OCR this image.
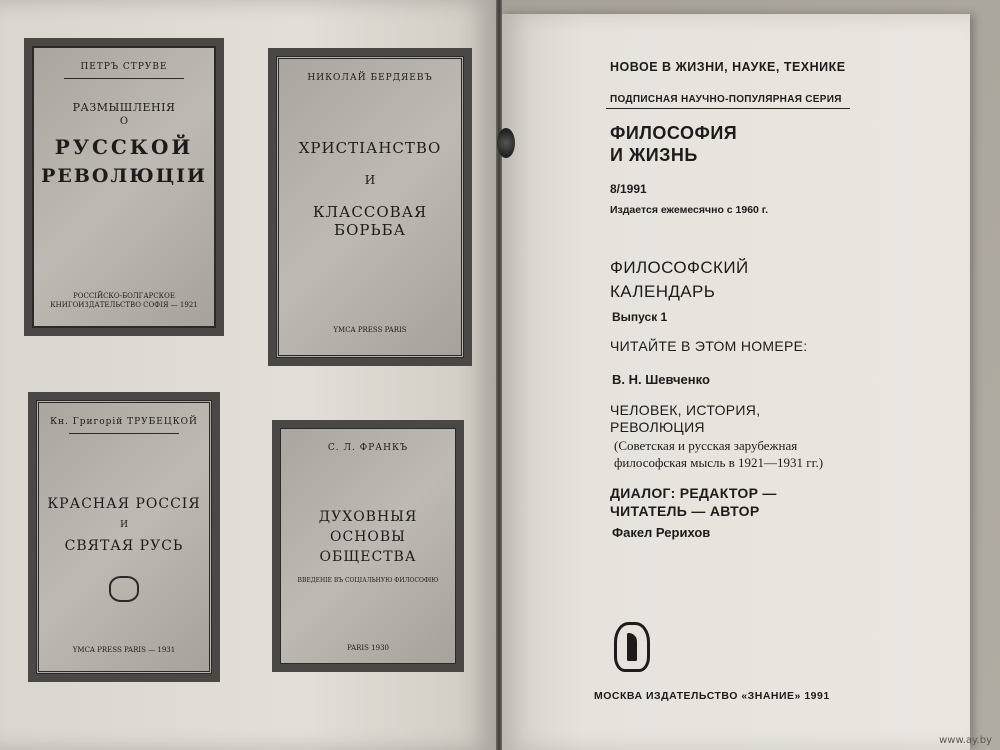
ПЕТРЪ СТРУВЕ
РАЗМЫШЛЕНІЯ
О
РУССКОЙ
РЕВОЛЮЦІИ
РОССІЙСКО-БОЛГАРСКОЕ КНИГОИЗДАТЕЛЬСТВО СОФІЯ — 1921
НИКОЛАЙ БЕРДЯЕВЪ
ХРИСТІАНСТВО
И
КЛАССОВАЯ БОРЬБА
YMCA PRESS PARIS
Кн. Григорій ТРУБЕЦКОЙ
КРАСНАЯ РОССІЯ
И
СВЯТАЯ РУСЬ
YMCA PRESS PARIS — 1931
С. Л. ФРАНКЪ
ДУХОВНЫЯ
ОСНОВЫ
ОБЩЕСТВА
ВВЕДЕНІЕ ВЪ СОЦІАЛЬНУЮ ФИЛОСОФІЮ
PARIS 1930
НОВОЕ В ЖИЗНИ, НАУКЕ, ТЕХНИКЕ
ПОДПИСНАЯ НАУЧНО-ПОПУЛЯРНАЯ СЕРИЯ
ФИЛОСОФИЯ
И ЖИЗНЬ
8/1991
Издается ежемесячно с 1960 г.
ФИЛОСОФСКИЙ
КАЛЕНДАРЬ
Выпуск 1
ЧИТАЙТЕ В ЭТОМ НОМЕРЕ:
В. Н. Шевченко
ЧЕЛОВЕК, ИСТОРИЯ,
РЕВОЛЮЦИЯ
(Советская и русская зарубежная
философская мысль в 1921—1931 гг.)
ДИАЛОГ: РЕДАКТОР —
ЧИТАТЕЛЬ — АВТОР
Факел Рерихов
МОСКВА ИЗДАТЕЛЬСТВО «ЗНАНИЕ» 1991
www.ay.by
